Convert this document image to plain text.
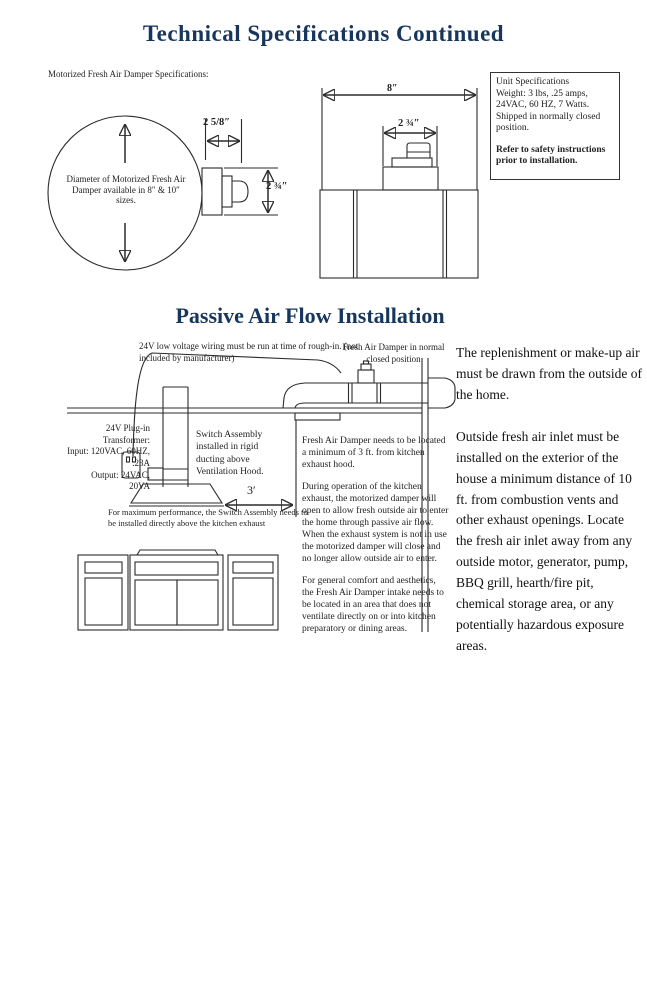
Technical Specifications Continued
Motorized Fresh Air Damper Specifications:
Diameter of Motorized Fresh Air Damper available in 8″ & 10″ sizes.
2 5/8″
2 ¾″
8″
2 ¾″
Unit Specifications
Weight: 3 lbs, .25 amps,
24VAC, 60 HZ, 7 Watts.
Shipped in normally closed position.
Refer to safety instructions prior to installation.
Passive Air Flow Installation
24V low voltage wiring must be run at time of rough-in. (not included by manufacturer)
Fresh Air Damper in normal closed position
24V Plug-in
Transformer:
Input: 120VAC, 60HZ,
.23A
Output: 24VAC,
20VA
Switch Assembly installed in rigid ducting above Ventilation Hood.
3′
For maximum performance, the Switch Assembly needs to be installed directly above the kitchen exhaust

Fresh Air Damper needs to be located a minimum of 3 ft. from kitchen exhaust hood.

During operation of the kitchen exhaust, the motorized damper will open to allow fresh outside air to enter the home through passive air flow. When the exhaust system is not in use the motorized damper will close and no longer allow outside air to enter.

For general comfort and aesthetics, the Fresh Air Damper intake needs to be located in an area that does not ventilate directly on or into kitchen preparatory or dining areas.

The replenishment or make-up air must be drawn from the outside of the home.

Outside fresh air inlet must be installed on the exterior of the house a minimum distance of 10 ft. from combustion vents and other exhaust openings. Locate the fresh air inlet away from any outside motor, generator, pump, BBQ grill, hearth/fire pit, chemical storage area, or any potentially hazardous exposure areas.
